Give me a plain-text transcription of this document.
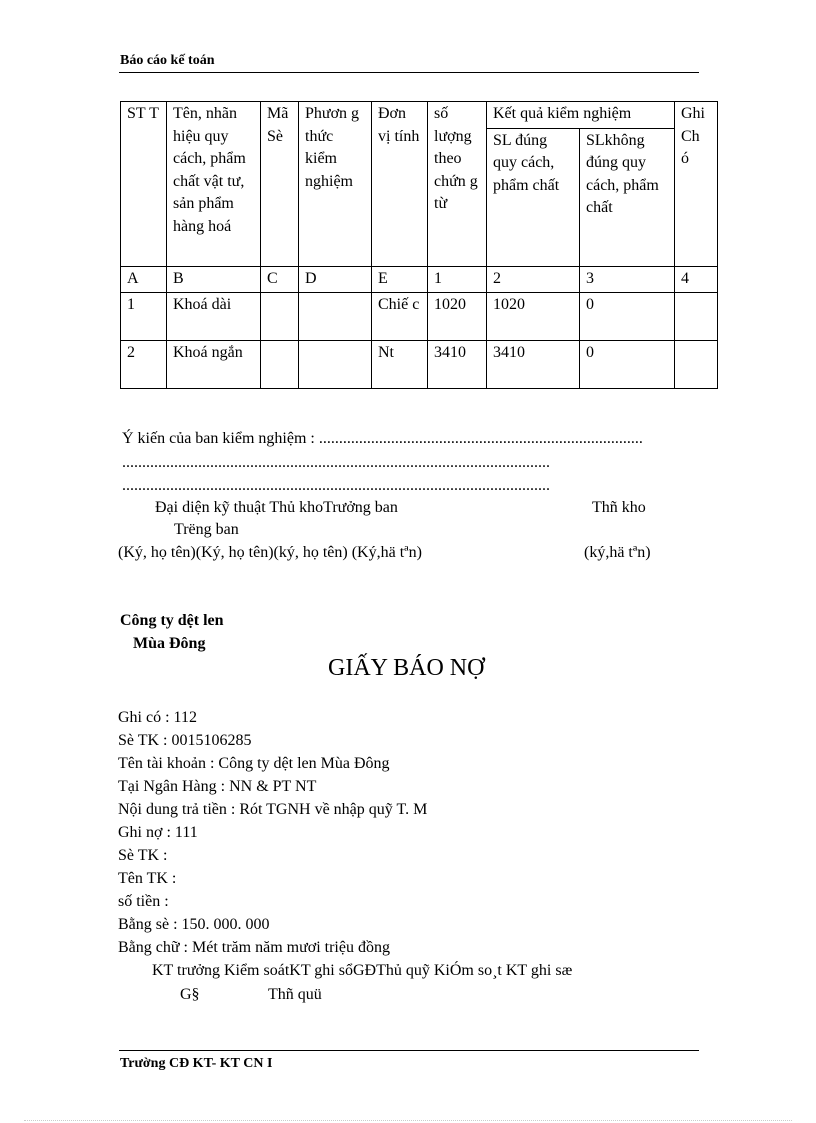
Báo cáo kế toán
ST T	Tên, nhãn hiệu quy cách, phẩm chất vật tư, sản phẩm hàng hoá	Mã Sè	Phươn g thức kiểm nghiệm	Đơn vị tính	số lượng theo chứn g từ	Kết quả kiểm nghiệm		Ghi Ch ó
						SL đúng quy cách, phẩm chất	SLkhông đúng quy cách, phẩm chất	
A	B	C	D	E	1	2	3	4
1	Khoá dài			Chiế c	1020	1020	0	
2	Khoá ngắn			Nt	3410	3410	0	
Ý kiến của ban kiểm nghiệm : .................................................................................
...........................................................................................................
...........................................................................................................
Đại diện kỹ thuật Thủ khoTrưởng ban	Thñ kho
Trëng ban
(Ký, họ tên)(Ký, họ tên)(ký, họ tên) (Ký,hä tªn)	(ký,hä tªn)
Công ty dệt len
Mùa Đông
GIẤY BÁO NỢ
Ghi có : 112
Sè TK : 0015106285
Tên tài khoản : Công ty dệt len Mùa Đông
Tại Ngân Hàng : NN & PT NT
Nội dung trả tiền : Rót TGNH về nhập quỹ T. M
Ghi nợ : 111
Sè TK :
Tên TK :
số tiền :
Bằng sè : 150. 000. 000
Bằng chữ : Mét trăm năm mươi triệu đồng
KT trưởng Kiểm soátKT ghi sổGĐThủ quỹ KiÓm so¸t KT ghi sæ
G§	Thñ quü
Trường CĐ KT- KT CN I
